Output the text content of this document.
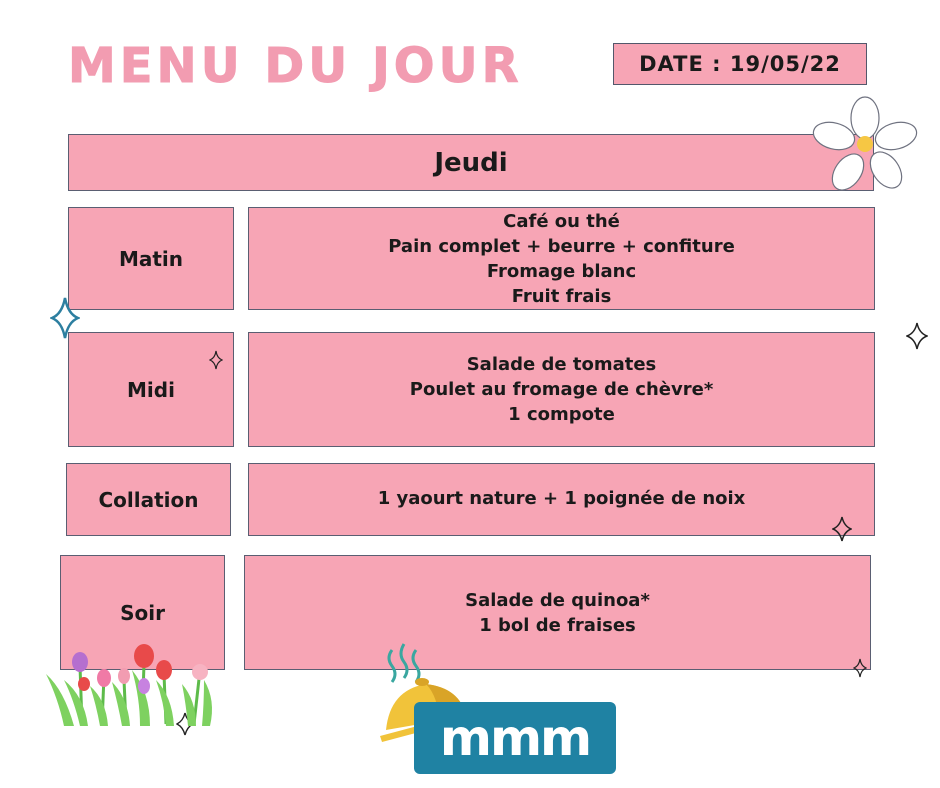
MENU DU JOUR	DATE : 19/05/22
Jeudi
Matin
Café ou thé
Pain complet + beurre + confiture
Fromage blanc
Fruit frais
Midi
Salade de tomates
Poulet au fromage de chèvre*
1 compote
Collation	1 yaourt nature + 1 poignée de noix
Soir
Salade de quinoa*
1 bol de fraises
mmm
